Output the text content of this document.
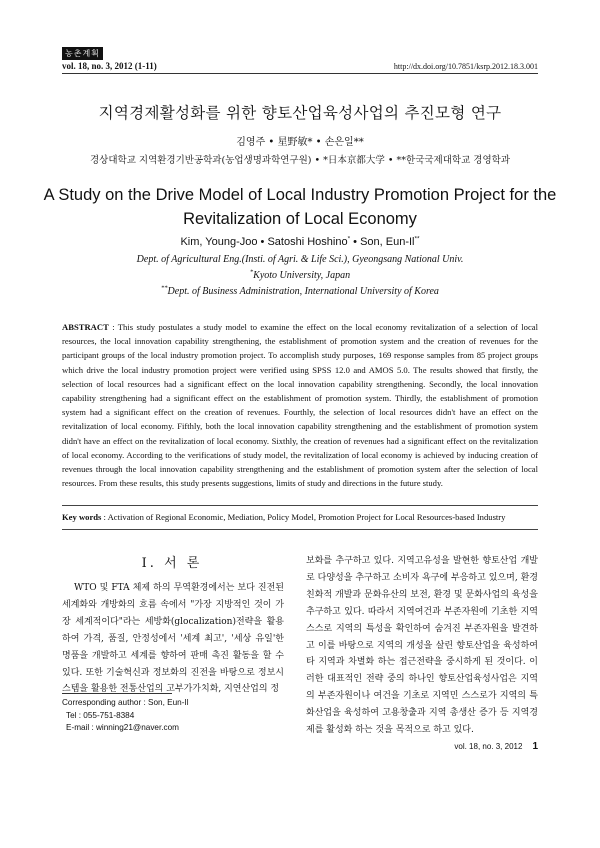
농촌계획
vol. 18, no. 3, 2012 (1-11)	http://dx.doi.org/10.7851/ksrp.2012.18.3.001
지역경제활성화를 위한 향토산업육성사업의 추진모형 연구
김영주 • 星野敏* • 손은일**
경상대학교 지역환경기반공학과(농업생명과학연구원) • *日本京都大学 • **한국국제대학교 경영학과
A Study on the Drive Model of Local Industry Promotion Project for the Revitalization of Local Economy
Kim, Young-Joo • Satoshi Hoshino* • Son, Eun-Il**
Dept. of Agricultural Eng.(Insti. of Agri. & Life Sci.), Gyeongsang National Univ.
*Kyoto University, Japan
**Dept. of Business Administration, International University of Korea
ABSTRACT : This study postulates a study model to examine the effect on the local economy revitalization of a selection of local resources, the local innovation capability strengthening, the establishment of promotion system and the creation of revenues for the participant groups of the local industry promotion project. To accomplish study purposes, 169 response samples from 85 project groups which drive the local industry promotion project were verified using SPSS 12.0 and AMOS 5.0. The results showed that firstly, the selection of local resources had a significant effect on the local innovation capability strengthening. Secondly, the local innovation capability strengthening had a significant effect on the establishment of promotion system. Thirdly, the establishment of promotion system had a significant effect on the creation of revenues. Fourthly, the selection of local resources didn't have an effect on the revitalization of local economy. Fifthly, both the local innovation capability strengthening and the establishment of promotion system didn't have an effect on the revitalization of local economy. Sixthly, the creation of revenues had a significant effect on the revitalization of local economy. According to the verifications of study model, the revitalization of local economy is achieved by inducing creation of revenues through the local innovation capability strengthening and the establishment of promotion system after the selection of local resources. From these results, this study presents suggestions, limits of study and directions in the future study.
Key words : Activation of Regional Economic, Mediation, Policy Model, Promotion Project for Local Resources-based Industry
Ⅰ. 서 론
WTO 및 FTA 체제 하의 무역환경에서는 보다 진전된 세계화와 개방화의 흐름 속에서 "가장 지방적인 것이 가장 세계적이다"라는 세방화(glocalization)전략을 활용하여 가격, 품질, 안정성에서 '세계 최고', '세상 유일'한 명품을 개발하고 세계를 향하여 판매 촉진 활동을 할 수 있다. 또한 기술혁신과 정보화의 진전을 바탕으로 정보시스템을 활용한 전통산업의 고부가가치화, 지연산업의 정
보화를 추구하고 있다. 지역고유성을 발현한 향토산업 개발로 다양성을 추구하고 소비자 욕구에 부응하고 있으며, 환경친화적 개발과 문화유산의 보전, 환경 및 문화사업의 육성을 추구하고 있다. 따라서 지역여건과 부존자원에 기초한 지역 스스로 지역의 특성을 확인하여 숨겨진 부존자원을 발견하고 이를 바탕으로 지역의 개성을 살린 향토산업을 육성하여 타 지역과 차별화 하는 접근전략을 중시하게 된 것이다. 이러한 대표적인 전략 중의 하나인 향토산업육성사업은 지역의 부존자원이나 여건을 기초로 지역민 스스로가 지역의 특화산업을 육성하여 고용창출과 지역 총생산 증가 등 지역경제를 활성화 하는 것을 목적으로 하고 있다.
Corresponding author : Son, Eun-Il
Tel : 055-751-8384
E-mail : winning21@naver.com
vol. 18, no. 3, 2012 1
